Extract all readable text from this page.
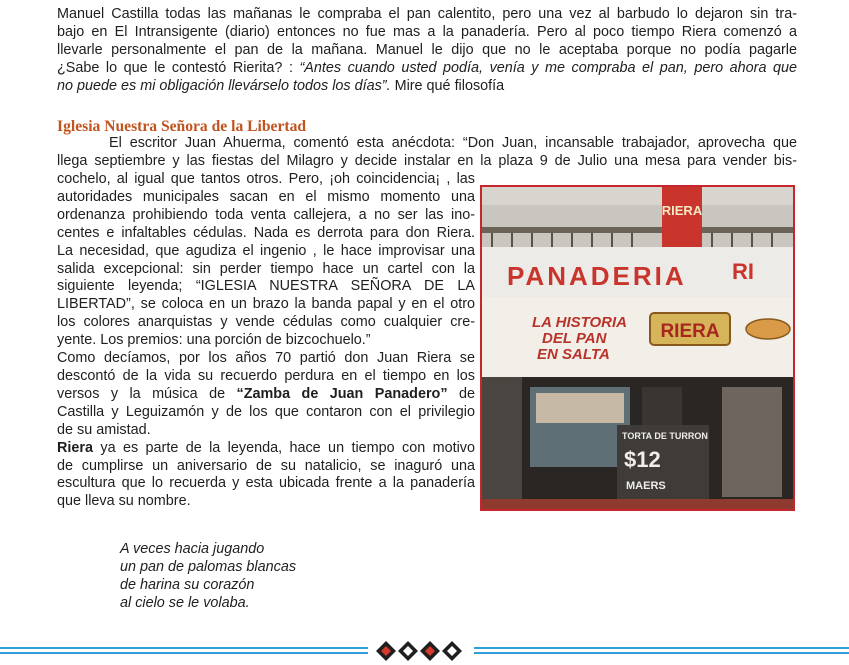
Manuel Castilla todas las mañanas le compraba el pan calentito, pero una vez al barbudo lo dejaron sin tra-
bajo en El Intransigente (diario) entonces no fue mas a la panadería. Pero al poco tiempo Riera comenzó a
llevarle personalmente el pan de la mañana. Manuel le dijo que no le aceptaba porque no podía pagarle
¿Sabe lo que le contestó Rierita? : “Antes cuando usted podía, venía y me compraba el pan, pero ahora que
no puede es mi obligación llevárselo todos los días”. Mire qué filosofía

Iglesia Nuestra Señora de la Libertad

El escritor Juan Ahuerma, comentó esta anécdota: “Don Juan, incansable trabajador, aprovecha que
llega septiembre y las fiestas del Milagro y decide instalar en la plaza 9 de Julio una mesa para vender bis-

cochelo, al igual que tantos otros. Pero, ¡oh coincidencia¡ , las
autoridades municipales sacan en el mismo momento una
ordenanza prohibiendo toda venta callejera, a no ser las ino-
centes e infaltables cédulas. Nada es derrota para don Riera.
La necesidad, que agudiza el ingenio , le hace improvisar una
salida excepcional: sin perder tiempo hace un cartel con la
siguiente leyenda; “IGLESIA NUESTRA SEÑORA DE LA
LIBERTAD”, se coloca en un brazo la banda papal y en el otro
los colores anarquistas y vende cédulas como cualquier cre-
yente. Los premios: una porción de bizcochuelo.”
Como decíamos, por los años 70 partió don Juan Riera se
descontó de la vida su recuerdo perdura en el tiempo en los
versos y la música de “Zamba de Juan Panadero” de
Castilla y Leguizamón y de los que contaron con el privilegio
de su amistad.
Riera ya es parte de la leyenda, hace un tiempo con motivo
de cumplirse un aniversario de su natalicio, se inaguró una
escultura que lo recuerda y esta ubicada frente a la panadería
que lleva su nombre.

RIERA
PANADERIA RI
LA HISTORIA
DEL PAN
EN SALTA
RIERA
TORTA DE TURRON
$12
MAERS
A veces hacia jugando
un pan de palomas blancas
de harina su corazón
al cielo se le volaba.
